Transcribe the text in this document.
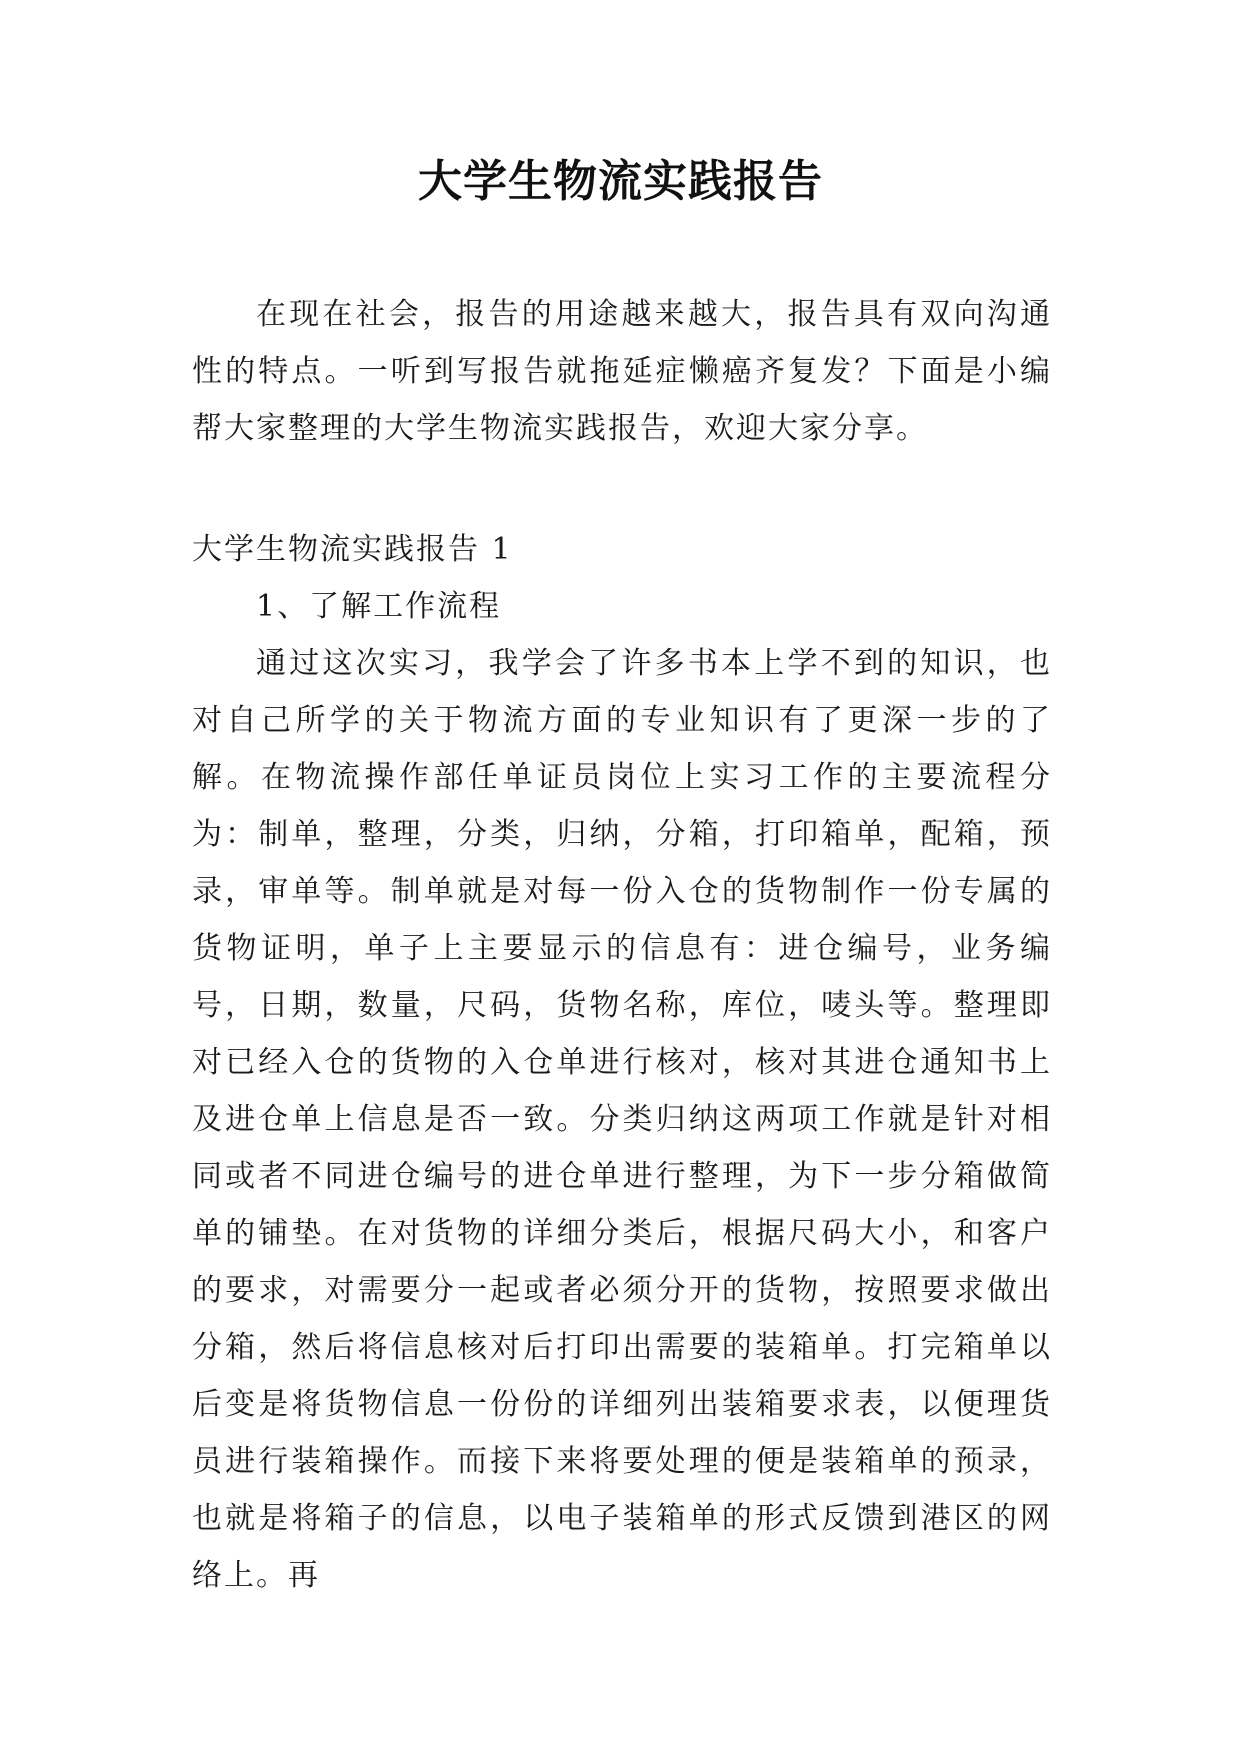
大学生物流实践报告

在现在社会，报告的用途越来越大，报告具有双向沟通性的特点。一听到写报告就拖延症懒癌齐复发？下面是小编帮大家整理的大学生物流实践报告，欢迎大家分享。

大学生物流实践报告 1

1、了解工作流程

通过这次实习，我学会了许多书本上学不到的知识，也对自己所学的关于物流方面的专业知识有了更深一步的了解。在物流操作部任单证员岗位上实习工作的主要流程分为：制单，整理，分类，归纳，分箱，打印箱单，配箱，预录，审单等。制单就是对每一份入仓的货物制作一份专属的货物证明，单子上主要显示的信息有：进仓编号，业务编号，日期，数量，尺码，货物名称，库位，唛头等。整理即对已经入仓的货物的入仓单进行核对，核对其进仓通知书上及进仓单上信息是否一致。分类归纳这两项工作就是针对相同或者不同进仓编号的进仓单进行整理，为下一步分箱做简单的铺垫。在对货物的详细分类后，根据尺码大小，和客户的要求，对需要分一起或者必须分开的货物，按照要求做出分箱，然后将信息核对后打印出需要的装箱单。打完箱单以后变是将货物信息一份份的详细列出装箱要求表，以便理货员进行装箱操作。而接下来将要处理的便是装箱单的预录，也就是将箱子的信息，以电子装箱单的形式反馈到港区的网络上。再
